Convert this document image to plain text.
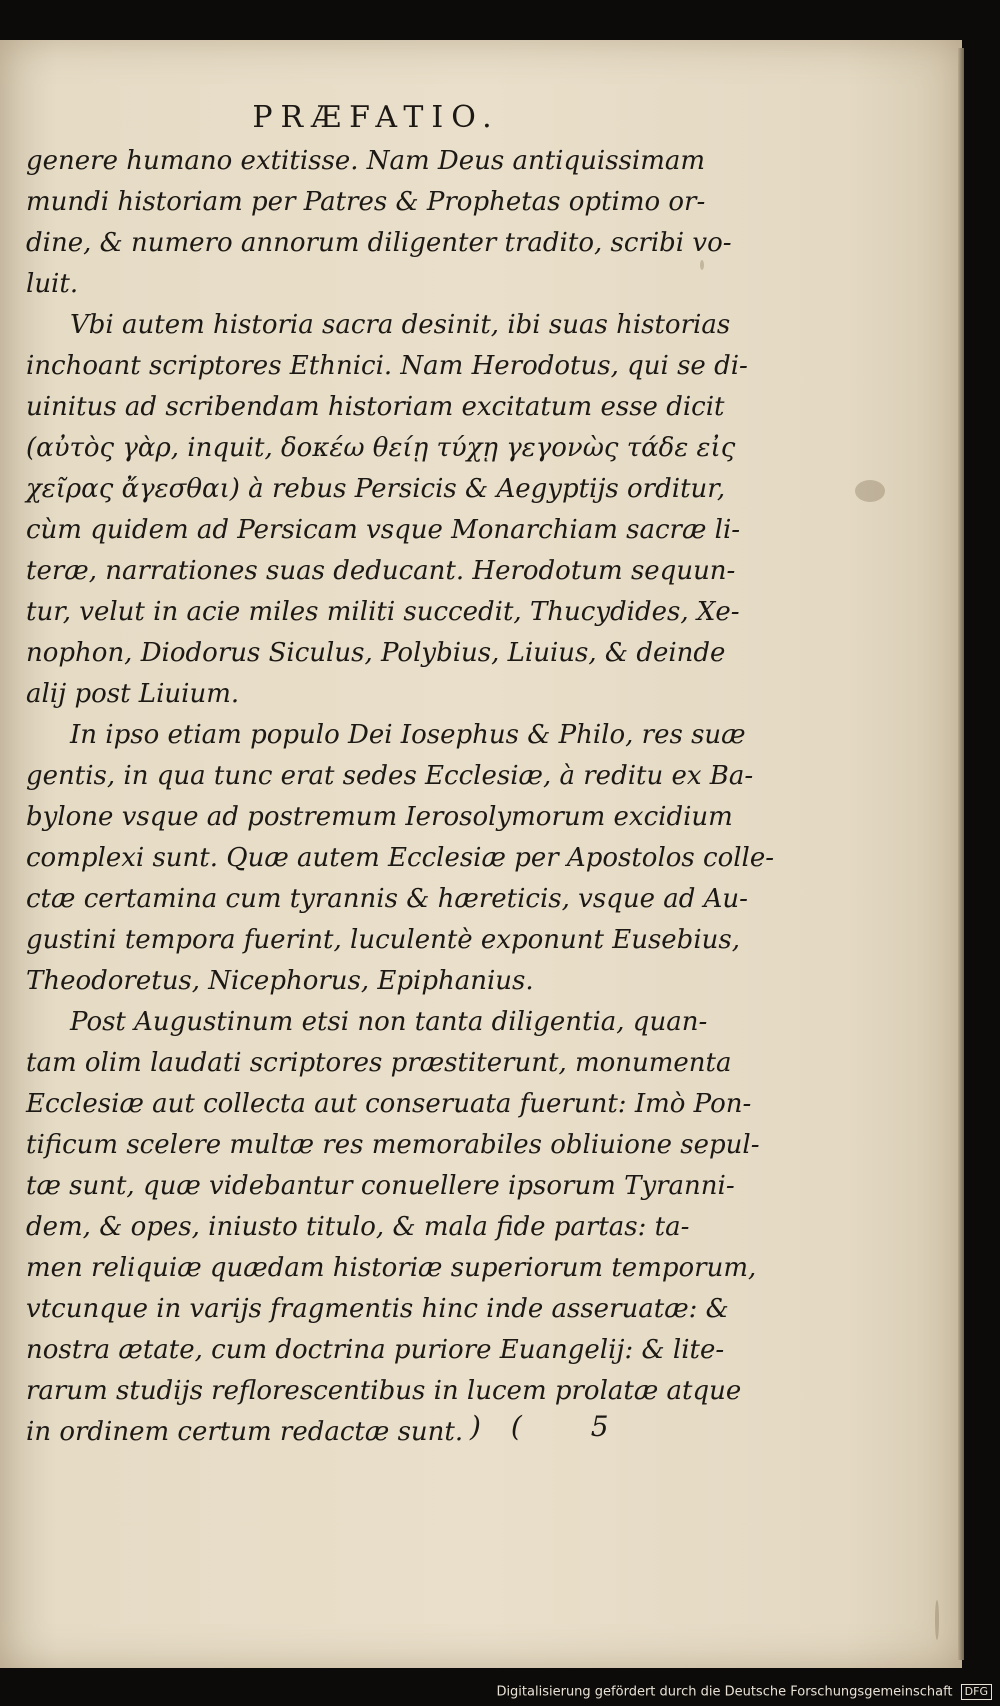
PRÆFATIO.
genere humano extitisse. Nam Deus antiquissimam
mundi historiam per Patres & Prophetas optimo or-
dine, & numero annorum diligenter tradito, scribi vo-
luit.
Vbi autem historia sacra desinit, ibi suas historias
inchoant scriptores Ethnici. Nam Herodotus, qui se di-
uinitus ad scribendam historiam excitatum esse dicit
(αὐτὸς γὰρ, inquit, δοκέω θείῃ τύχῃ γεγονὼς τάδε εἰς
χεῖρας ἄγεσθαι) à rebus Persicis & Aegyptijs orditur,
cùm quidem ad Persicam vsque Monarchiam sacræ li-
teræ, narrationes suas deducant. Herodotum sequun-
tur, velut in acie miles militi succedit, Thucydides, Xe-
nophon, Diodorus Siculus, Polybius, Liuius, & deinde
alij post Liuium.
In ipso etiam populo Dei Iosephus & Philo, res suæ
gentis, in qua tunc erat sedes Ecclesiæ, à reditu ex Ba-
bylone vsque ad postremum Ierosolymorum excidium
complexi sunt. Quæ autem Ecclesiæ per Apostolos colle-
ctæ certamina cum tyrannis & hæreticis, vsque ad Au-
gustini tempora fuerint, luculentè exponunt Eusebius,
Theodoretus, Nicephorus, Epiphanius.
Post Augustinum etsi non tanta diligentia, quan-
tam olim laudati scriptores præstiterunt, monumenta
Ecclesiæ aut collecta aut conseruata fuerunt: Imò Pon-
tificum scelere multæ res memorabiles obliuione sepul-
tæ sunt, quæ videbantur conuellere ipsorum Tyranni-
dem, & opes, iniusto titulo, & mala fide partas: ta-
men reliquiæ quædam historiæ superiorum temporum,
vtcunque in varijs fragmentis hinc inde asseruatæ: &
nostra ætate, cum doctrina puriore Euangelij: & lite-
rarum studijs reflorescentibus in lucem prolatæ atque
in ordinem certum redactæ sunt. )( 5
Digitalisierung gefördert durch die Deutsche Forschungsgemeinschaft DFG
